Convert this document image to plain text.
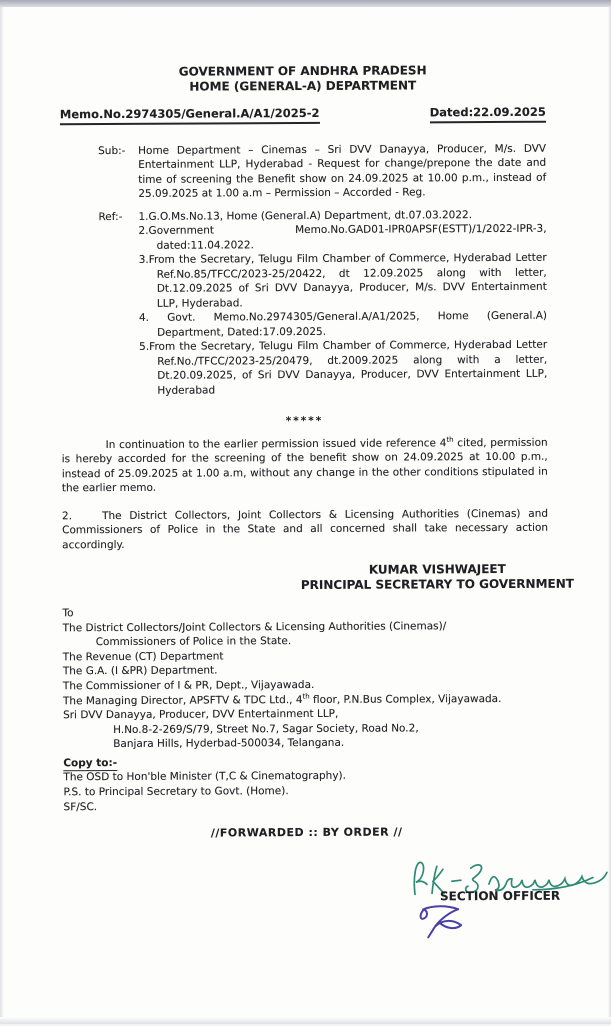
GOVERNMENT OF ANDHRA PRADESH
HOME (GENERAL-A) DEPARTMENT
Memo.No.2974305/General.A/A1/2025-2	Dated:22.09.2025
Sub:-	Home Department – Cinemas – Sri DVV Danayya, Producer, M/s. DVV Entertainment LLP, Hyderabad - Request for change/prepone the date and time of screening the Benefit show on 24.09.2025 at 10.00 p.m., instead of 25.09.2025 at 1.00 a.m – Permission – Accorded - Reg.
Ref:-	1.G.O.Ms.No.13, Home (General.A) Department, dt.07.03.2022.
2.Government Memo.No.GAD01-IPR0APSF(ESTT)/1/2022-IPR-3, dated:11.04.2022.
3.From the Secretary, Telugu Film Chamber of Commerce, Hyderabad Letter Ref.No.85/TFCC/2023-25/20422, dt 12.09.2025 along with letter, Dt.12.09.2025 of Sri DVV Danayya, Producer, M/s. DVV Entertainment LLP, Hyderabad.
4. Govt. Memo.No.2974305/General.A/A1/2025, Home (General.A) Department, Dated:17.09.2025.
5.From the Secretary, Telugu Film Chamber of Commerce, Hyderabad Letter Ref.No./TFCC/2023-25/20479, dt.2009.2025 along with a letter, Dt.20.09.2025, of Sri DVV Danayya, Producer, DVV Entertainment LLP, Hyderabad
*****

In continuation to the earlier permission issued vide reference 4th cited, permission is hereby accorded for the screening of the benefit show on 24.09.2025 at 10.00 p.m., instead of 25.09.2025 at 1.00 a.m, without any change in the other conditions stipulated in the earlier memo.

2.	The District Collectors, Joint Collectors & Licensing Authorities (Cinemas) and Commissioners of Police in the State and all concerned shall take necessary action accordingly.

KUMAR VISHWAJEET
PRINCIPAL SECRETARY TO GOVERNMENT
To
The District Collectors/Joint Collectors & Licensing Authorities (Cinemas)/
Commissioners of Police in the State.
The Revenue (CT) Department
The G.A. (I &PR) Department.
The Commissioner of I & PR, Dept., Vijayawada.
The Managing Director, APSFTV & TDC Ltd., 4th floor, P.N.Bus Complex, Vijayawada.
Sri DVV Danayya, Producer, DVV Entertainment LLP,
H.No.8-2-269/S/79, Street No.7, Sagar Society, Road No.2,
Banjara Hills, Hyderbad-500034, Telangana.
Copy to:-
The OSD to Hon'ble Minister (T,C & Cinematography).
P.S. to Principal Secretary to Govt. (Home).
SF/SC.
//FORWARDED :: BY ORDER //
SECTION OFFICER
